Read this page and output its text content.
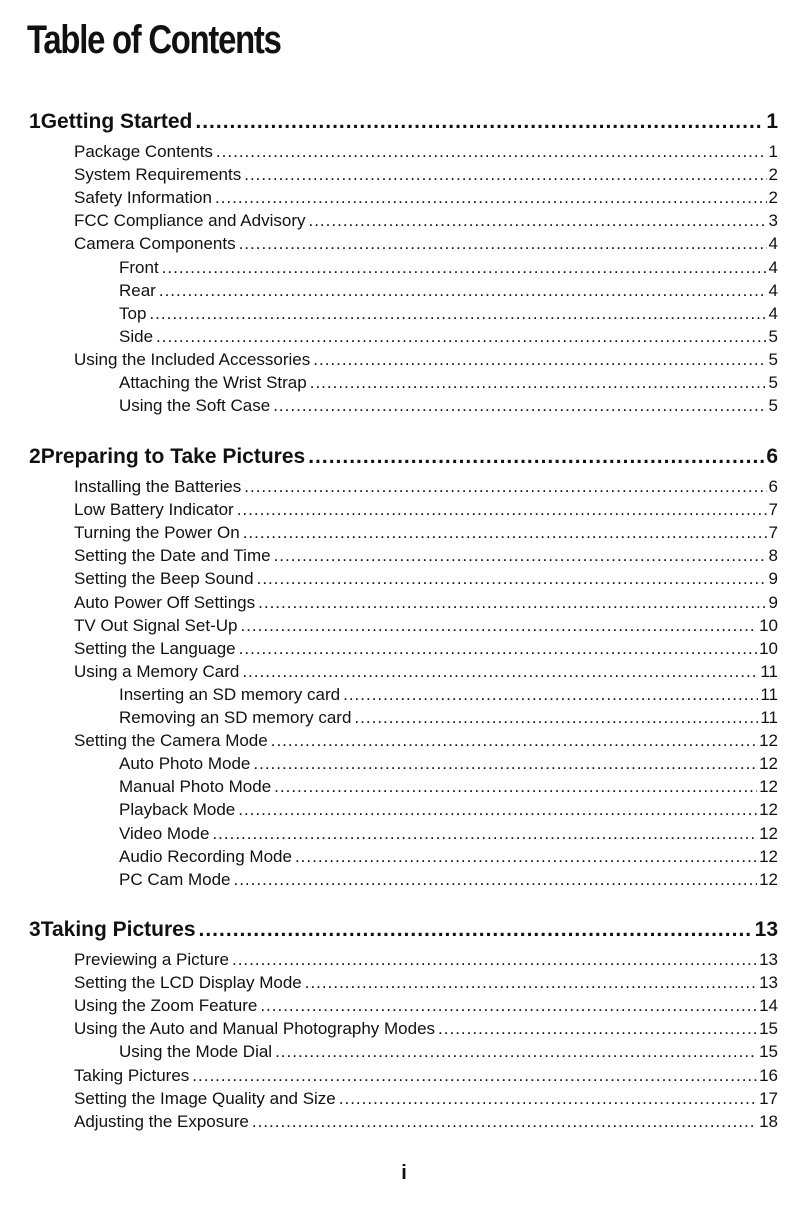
Table of Contents
1 Getting Started .....	1
Package Contents .....	1
System Requirements .....	2
Safety Information .....	2
FCC Compliance and Advisory .....	3
Camera Components .....	4
Front .....	4
Rear .....	4
Top .....	4
Side .....	5
Using the Included Accessories .....	5
Attaching the Wrist Strap .....	5
Using the Soft Case .....	5
2 Preparing to Take Pictures .....	6
Installing the Batteries .....	6
Low Battery Indicator .....	7
Turning the Power On .....	7
Setting the Date and Time .....	8
Setting the Beep Sound .....	9
Auto Power Off Settings .....	9
TV Out Signal Set-Up .....	10
Setting the Language .....	10
Using a Memory Card .....	11
Inserting an SD memory card .....	11
Removing an SD memory card .....	11
Setting the Camera Mode .....	12
Auto Photo Mode .....	12
Manual Photo Mode .....	12
Playback Mode .....	12
Video Mode .....	12
Audio Recording Mode .....	12
PC Cam Mode .....	12
3 Taking Pictures .....	13
Previewing a Picture .....	13
Setting the LCD Display Mode .....	13
Using the Zoom Feature .....	14
Using the Auto and Manual Photography Modes .....	15
Using the Mode Dial .....	15
Taking Pictures .....	16
Setting the Image Quality and Size .....	17
Adjusting the Exposure .....	18
i
